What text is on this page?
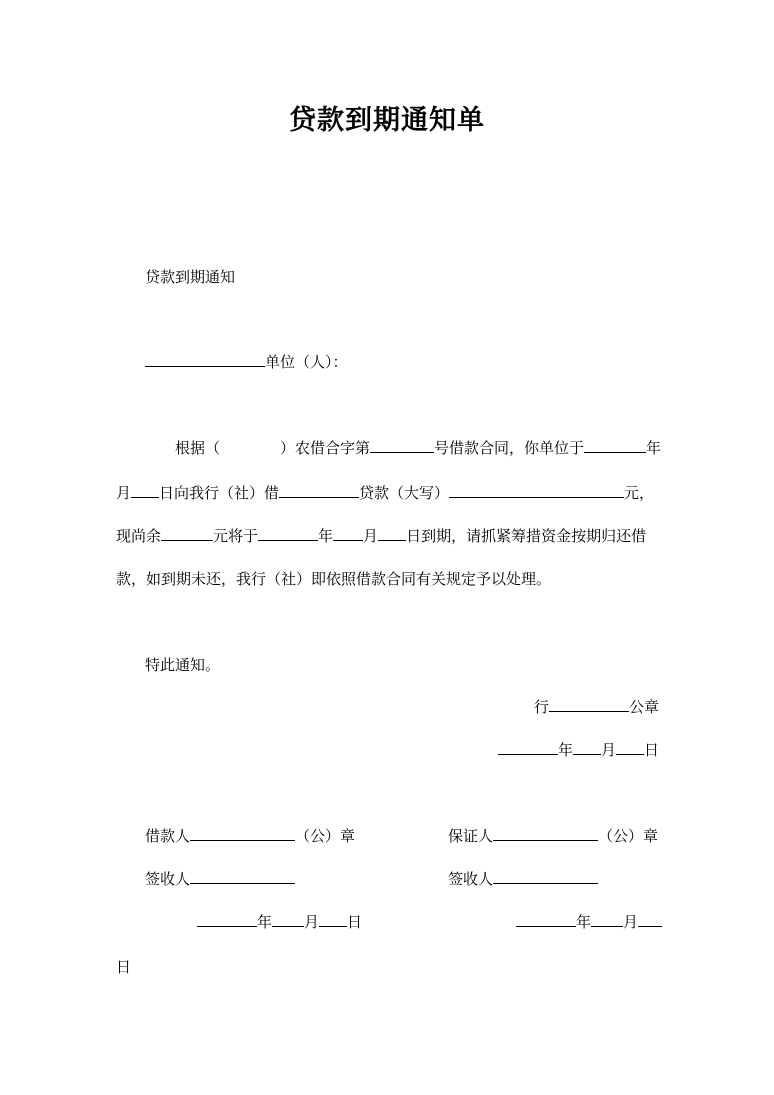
贷款到期通知单
贷款到期通知
单位（人）：
根据（	）农借合字第	号借款合同，你单位于	年
月 日向我行（社）借	贷款（大写）	元，
现尚余	元将于	年 月 日到期，请抓紧筹措资金按期归还借
款，如到期未还，我行（社）即依照借款合同有关规定予以处理。
特此通知。
行	公章
年 月 日
借款人	（公）章	保证人	（公）章
签收人	签收人
年 月 日	年 月
日
